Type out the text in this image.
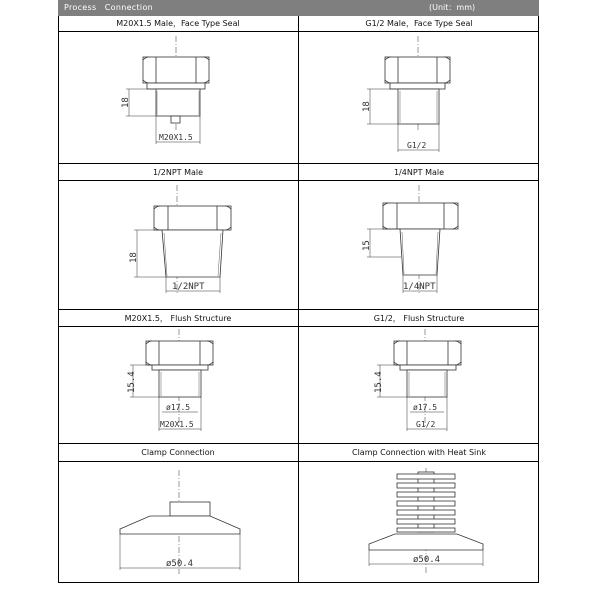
Process　Connection	(Unit：mm)
M20X1.5 Male，Face Type Seal	G1/2 Male，Face Type Seal
1/2NPT Male	1/4NPT Male
M20X1.5， Flush Structure	G1/2， Flush Structure
Clamp Connection	Clamp Connection with Heat Sink
18
M20X1.5
18
G1/2
18
1/2NPT
15
1/4NPT
15.4
ø17.5
M20X1.5
15.4
ø17.5
G1/2
ø50.4	ø50.4
